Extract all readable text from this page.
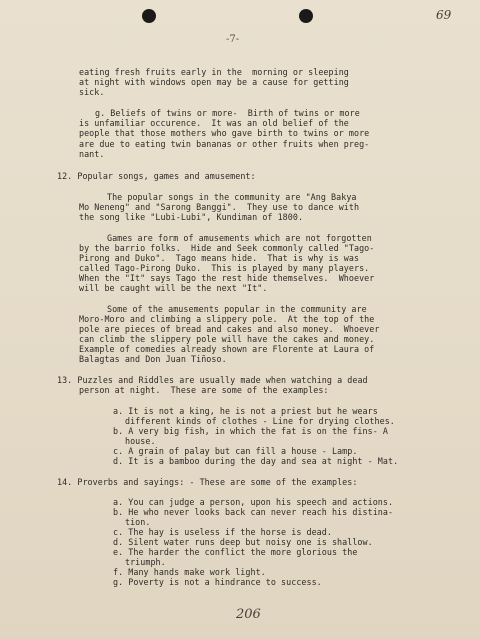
-7-
69
eating fresh fruits early in the  morning or sleeping
at night with windows open may be a cause for getting
sick.
g. Beliefs of twins or more-  Birth of twins or more
is unfamiliar occurence.  It was an old belief of the
people that those mothers who gave birth to twins or more
are due to eating twin bananas or other fruits when preg-
nant.
12. Popular songs, games and amusement:
The popular songs in the community are "Ang Bakya
Mo Neneng" and "Sarong Banggi".  They use to dance with
the song like "Lubi-Lubi", Kundiman of 1800.
Games are form of amusements which are not forgotten
by the barrio folks.  Hide and Seek commonly called "Tago-
Pirong and Duko".  Tago means hide.  That is why is was
called Tago-Pirong Duko.  This is played by many players.
When the "It" says Tago the rest hide themselves.  Whoever
will be caught will be the next "It".
Some of the amusements popular in the community are
Moro-Moro and climbing a slippery pole.  At the top of the
pole are pieces of bread and cakes and also money.  Whoever
can climb the slippery pole will have the cakes and money.
Example of comedies already shown are Florente at Laura of
Balagtas and Don Juan Tiñoso.
13. Puzzles and Riddles are usually made when watching a dead
person at night.  These are some of the examples:
a. It is not a king, he is not a priest but he wears
different kinds of clothes - Line for drying clothes.
b. A very big fish, in which the fat is on the fins- A
house.
c. A grain of palay but can fill a house - Lamp.
d. It is a bamboo during the day and sea at night - Mat.
14. Proverbs and sayings: - These are some of the examples:
a. You can judge a person, upon his speech and actions.
b. He who never looks back can never reach his distina-
tion.
c. The hay is useless if the horse is dead.
d. Silent water runs deep but noisy one is shallow.
e. The harder the conflict the more glorious the
triumph.
f. Many hands make work light.
g. Poverty is not a hindrance to success.
206
